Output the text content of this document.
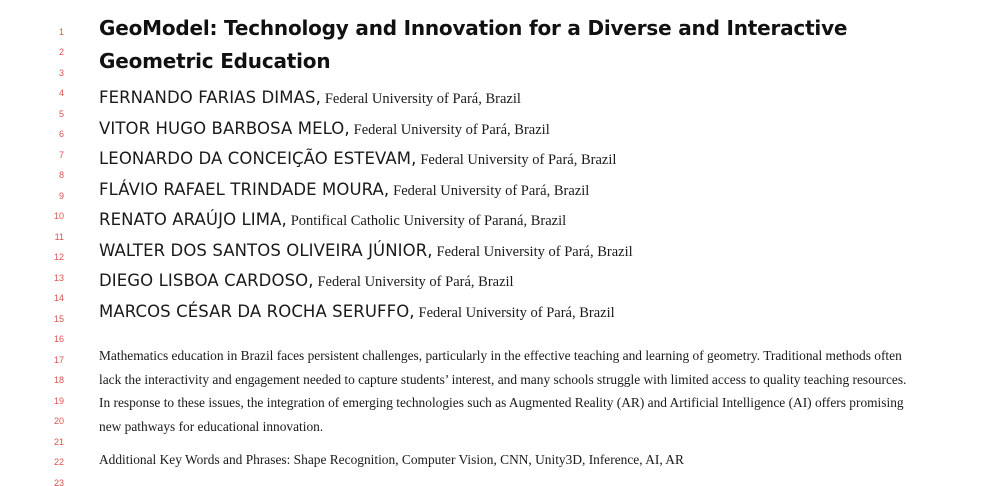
1
2
3
4
5
6
7
8
9
10
11
12
13
14
15
16
17
18
19
20
21
22
23
GeoModel: Technology and Innovation for a Diverse and Interactive Geometric Education
FERNANDO FARIAS DIMAS, Federal University of Pará, Brazil
VITOR HUGO BARBOSA MELO, Federal University of Pará, Brazil
LEONARDO DA CONCEIÇÃO ESTEVAM, Federal University of Pará, Brazil
FLÁVIO RAFAEL TRINDADE MOURA, Federal University of Pará, Brazil
RENATO ARAÚJO LIMA, Pontifical Catholic University of Paraná, Brazil
WALTER DOS SANTOS OLIVEIRA JÚNIOR, Federal University of Pará, Brazil
DIEGO LISBOA CARDOSO, Federal University of Pará, Brazil
MARCOS CÉSAR DA ROCHA SERUFFO, Federal University of Pará, Brazil

Mathematics education in Brazil faces persistent challenges, particularly in the effective teaching and learning of geometry. Traditional methods often lack the interactivity and engagement needed to capture students’ interest, and many schools struggle with limited access to quality teaching resources. In response to these issues, the integration of emerging technologies such as Augmented Reality (AR) and Artificial Intelligence (AI) offers promising new pathways for educational innovation.

Additional Key Words and Phrases: Shape Recognition, Computer Vision, CNN, Unity3D, Inference, AI, AR
